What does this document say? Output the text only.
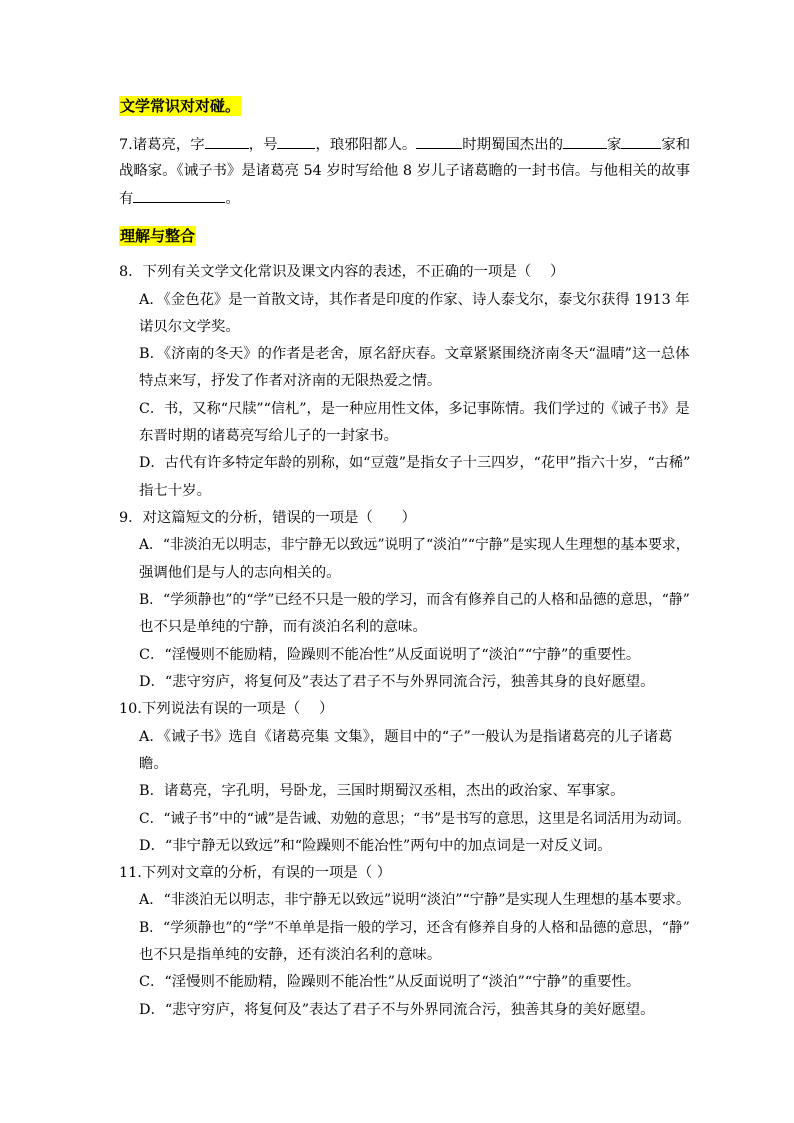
文学常识对对碰。
7.诸葛亮，字	，号	，琅邪阳都人。	时期蜀国杰出的	家	家和
战略家。《诫子书》是诸葛亮 54 岁时写给他 8 岁儿子诸葛瞻的一封书信。与他相关的故事
有	。
理解与整合
8．下列有关文学文化常识及课文内容的表述，不正确的一项是（　 ）
A．《金色花》是一首散文诗，其作者是印度的作家、诗人泰戈尔，泰戈尔获得 1913 年
诺贝尔文学奖。
B．《济南的冬天》的作者是老舍，原名舒庆春。文章紧紧围绕济南冬天“温晴”这一总体
特点来写，抒发了作者对济南的无限热爱之情。
C．书，又称“尺牍”“信札”，是一种应用性文体，多记事陈情。我们学过的《诫子书》是
东晋时期的诸葛亮写给儿子的一封家书。
D．古代有许多特定年龄的别称，如“豆蔻”是指女子十三四岁，“花甲”指六十岁，“古稀”
指七十岁。
9．对这篇短文的分析，错误的一项是（　　）
A．“非淡泊无以明志，非宁静无以致远”说明了“淡泊”“宁静”是实现人生理想的基本要求，
强调他们是与人的志向相关的。
B．“学须静也”的“学”已经不只是一般的学习，而含有修养自己的人格和品德的意思，“静”
也不只是单纯的宁静，而有淡泊名利的意味。
C．“淫慢则不能励精，险躁则不能冶性”从反面说明了“淡泊”“宁静”的重要性。
D．“悲守穷庐，将复何及”表达了君子不与外界同流合污，独善其身的良好愿望。
10.下列说法有误的一项是（　 ）
A．《诫子书》选自《诸葛亮集 文集》，题目中的“子”一般认为是指诸葛亮的儿子诸葛
瞻。
B．诸葛亮，字孔明，号卧龙，三国时期蜀汉丞相，杰出的政治家、军事家。
C．“诫子书”中的“诫”是告诫、劝勉的意思；“书”是书写的意思，这里是名词活用为动词。
D．“非宁静无以致远”和“险躁则不能冶性”两句中的加点词是一对反义词。
11.下列对文章的分析，有误的一项是（ ）
A．“非淡泊无以明志，非宁静无以致远”说明“淡泊”“宁静”是实现人生理想的基本要求。
B．“学须静也”的“学”不单单是指一般的学习，还含有修养自身的人格和品德的意思，“静”
也不只是指单纯的安静，还有淡泊名利的意味。
C．“淫慢则不能励精，险躁则不能冶性”从反面说明了“淡泊”“宁静”的重要性。
D．“悲守穷庐，将复何及”表达了君子不与外界同流合污，独善其身的美好愿望。
